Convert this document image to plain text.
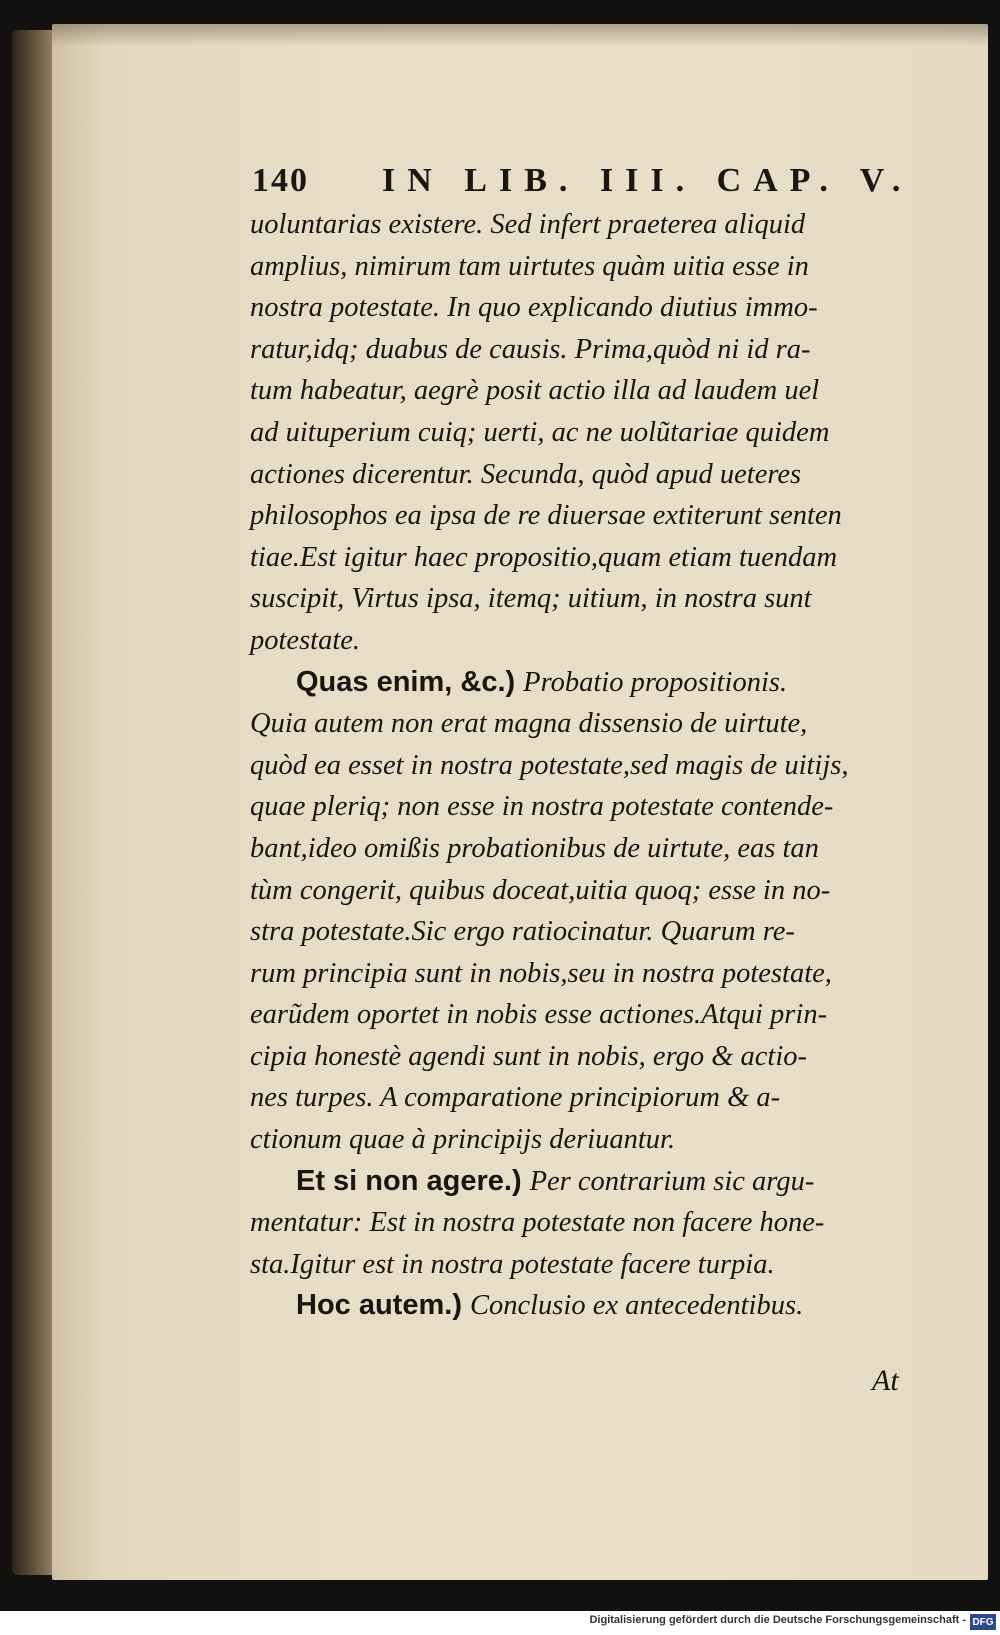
140

IN LIB. III. CAP. V.

uoluntarias existere. Sed infert praeterea aliquid
amplius, nimirum tam uirtutes quàm uitia esse in
nostra potestate. In quo explicando diutius immo-
ratur,idq; duabus de causis. Prima,quòd ni id ra-
tum habeatur, aegrè posit actio illa ad laudem uel
ad uituperium cuiq; uerti, ac ne uolũtariae quidem
actiones dicerentur. Secunda, quòd apud ueteres
philosophos ea ipsa de re diuersae extiterunt senten
tiae.Est igitur haec propositio,quam etiam tuendam
suscipit, Virtus ipsa, itemq; uitium, in nostra sunt
potestate.
Quas enim, &c.) Probatio propositionis.
Quia autem non erat magna dissensio de uirtute,
quòd ea esset in nostra potestate,sed magis de uitijs,
quae pleriq; non esse in nostra potestate contende-
bant,ideo omißis probationibus de uirtute, eas tan
tùm congerit, quibus doceat,uitia quoq; esse in no-
stra potestate.Sic ergo ratiocinatur. Quarum re-
rum principia sunt in nobis,seu in nostra potestate,
earũdem oportet in nobis esse actiones.Atqui prin-
cipia honestè agendi sunt in nobis, ergo & actio-
nes turpes. A comparatione principiorum & a-
ctionum quae à principijs deriuantur.
Et si non agere.) Per contrarium sic argu-
mentatur: Est in nostra potestate non facere hone-
sta.Igitur est in nostra potestate facere turpia.
Hoc autem.) Conclusio ex antecedentibus.
At
Digitalisierung gefördert durch die Deutsche Forschungsgemeinschaft - DFG
